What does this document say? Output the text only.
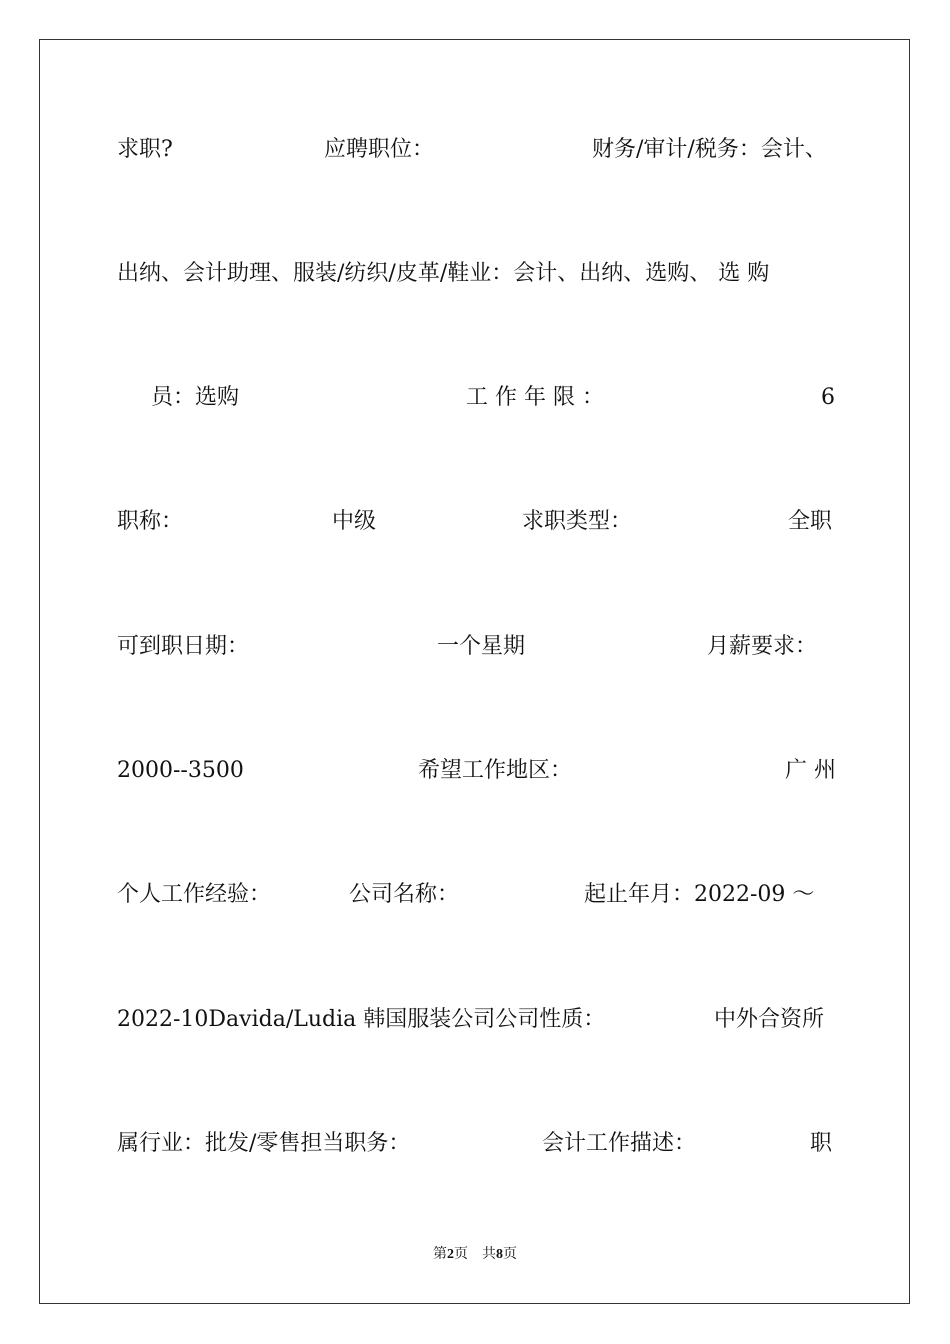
求职?	应聘职位：	财务/审计/税务：会计、
出纳、会计助理、服装/纺织/皮革/鞋业：会计、出纳、选购、 选 购
员：选购	工 作 年 限 ：	6
职称：	中级	求职类型：	全职
可到职日期：	一个星期	月薪要求：
2000--3500	希望工作地区：	广 州
个人工作经验：	公司名称：	起止年月：2022-09 ～
2022-10Davida/Ludia 韩国服装公司公司性质：	中外合资所
属行业：批发/零售担当职务：	会计工作描述：	职
第2页　共8页
